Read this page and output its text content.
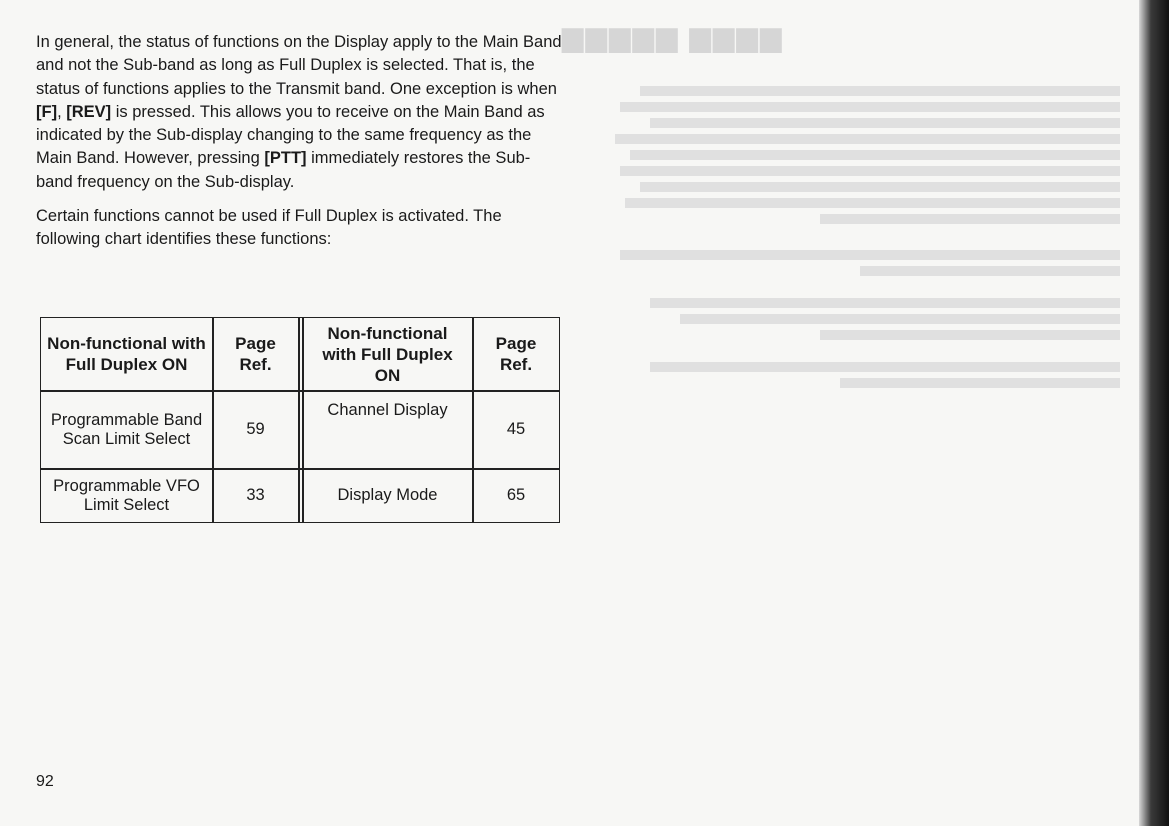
▆▆▆▆ ▆▆▆▆▆

In general, the status of functions on the Display apply to the Main Band and not the Sub-band as long as Full Duplex is selected. That is, the status of functions applies to the Transmit band. One exception is when [F], [REV] is pressed. This allows you to receive on the Main Band as indicated by the Sub-display changing to the same frequency as the Main Band. However, pressing [PTT] immediately restores the Sub-band frequency on the Sub-display.

Certain functions cannot be used if Full Duplex is activated. The following chart identifies these functions:

Non-functional with Full Duplex ON
Page Ref.
Non-functional with Full Duplex ON
Page Ref.
Programmable Band Scan Limit Select
59
Channel Display
45
Programmable VFO Limit Select
33	Display Mode	65
92
